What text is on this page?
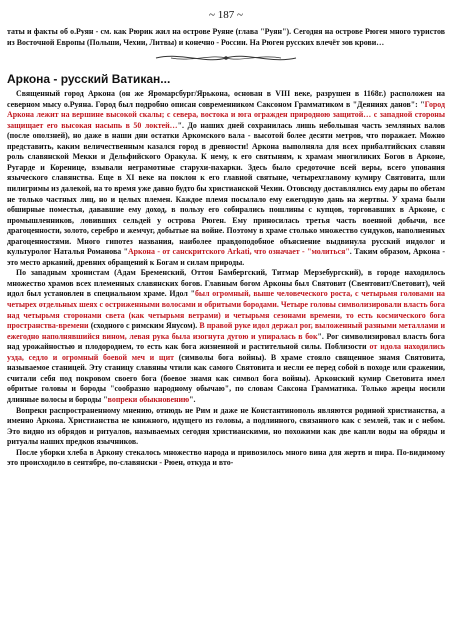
~ 187 ~

таты и факты об о.Руян - см. как Рюрик жил на острове Руяне (глава "Руян"). Сегодня на острове Рюген много туристов из Восточной Европы (Польши, Чехии, Литвы) и конечно - России. На Рюген русских влечёт зов крови…

Аркона - русский Ватикан...

Священный город Аркона (он же Яромарсбург/Ярькона, основан в VIII веке, разрушен в 1168г.) расположен на северном мысу о.Руяна. Город был подробно описан современником Саксоном Грамматиком в "Деяниях данов": "Город Аркона лежит на вершине высокой скалы; с севера, востока и юга огражден природною защитой… с западной стороны защищает его высокая насыпь в 50 локтей…". До наших дней сохранилась лишь небольшая часть земляных валов (после оползней), но даже в наши дни остатки Аркомского вала - высотой более десяти метров, что поражает. Можно представить, каким величественным казался город в древности! Аркона выполняла для всех прибалтийских славян роль славянской Мекки и Дельфийского Оракула. К нему, к его святыням, к храмам многиликих Богов в Арконе, Ругарде и Коренице, взывали неграмотные старухи-пахарки. Здесь было средоточие всей веры, всего упования языческого славянства. Еще в XI веке на поклон к его главной святыне, четырехглавому кумиру Святовита, шли пилигримы из далекой, на то время уже давно будто бы христианской Чехии. Отовсюду доставлялись ему дары по обетам не только частных лиц, но и целых племен. Каждое племя посылало ему ежегодную дань на жертвы. У храма были обширные поместья, дававшие ему доход, в пользу его собирались пошлины с купцов, торговавших в Арконе, с промышленников, ловивших сельдей у острова Рюген. Ему приносилась третья часть военной добычи, все драгоценности, золото, серебро и жемчуг, добытые на войне. Поэтому в храме столько множество сундуков, наполненных драгоценностями. Много гипотез названия, наиболее правдоподобное объяснение выдвинула русский индолог и культуролог Наталья Романова "Аркона - от санскритского Arkati, что означает - "молиться". Таким образом, Аркона - это место арканий, древних обращений к Богам и силам природы.

По западным хронистам (Адам Бременский, Оттон Бамбергский, Титмар Мерзебургский), в городе находилось множество храмов всех племенных славянских богов. Главным богом Арконы был Святовит (Свентовит/Световит), чей идол был установлен в специальном храме. Идол "был огромный, выше человеческого роста, с четырьмя головами на четырех отдельных шеях с остриженными волосами и обритыми бородами. Четыре головы символизировали власть бога над четырьмя сторонами света (как четырьмя ветрами) и четырьмя сезонами времени, то есть космического бога пространства-времени (сходного с римским Янусом). В правой руке идол держал рог, выложенный разными металлами и ежегодно наполнявшийся вином, левая рука была изогнута дугою и упиралась в бок". Рог символизировал власть бога над урожайностью и плодородием, то есть как бога жизненной и растительной силы. Поблизости от идола находились узда, седло и огромный боевой меч и щит (символы бога войны). В храме стояло священное знамя Святовита, называемое станицей. Эту станицу славяны чтили как самого Святовита и несли ее перед собой в походе или сражении, считали себя под покровом своего бога (боевое знамя как символ бога войны). Арконский кумир Световита имел обритые головы и бороды "сообразно народному обычаю", по словам Саксона Грамматика. Только жрецы носили длинные волосы и бороды "вопреки обыкновению".

Вопреки распространенному мнению, отнюдь не Рим и даже не Константинополь являются родиной христианства, а именно Аркона. Христианства не книжного, идущего из головы, а подлинного, связанного как с землей, так и с небом. Это видно из обрядов и ритуалов, называемых сегодня христианскими, но похожими как две капли воды на обряды и ритуалы наших предков язычников.

После уборки хлеба в Аркону стекалось множество народа и привозилось много вина для жертв и пира. По-видимому это происходило в сентябре, по-славянски - Рюен, откуда и вто-
